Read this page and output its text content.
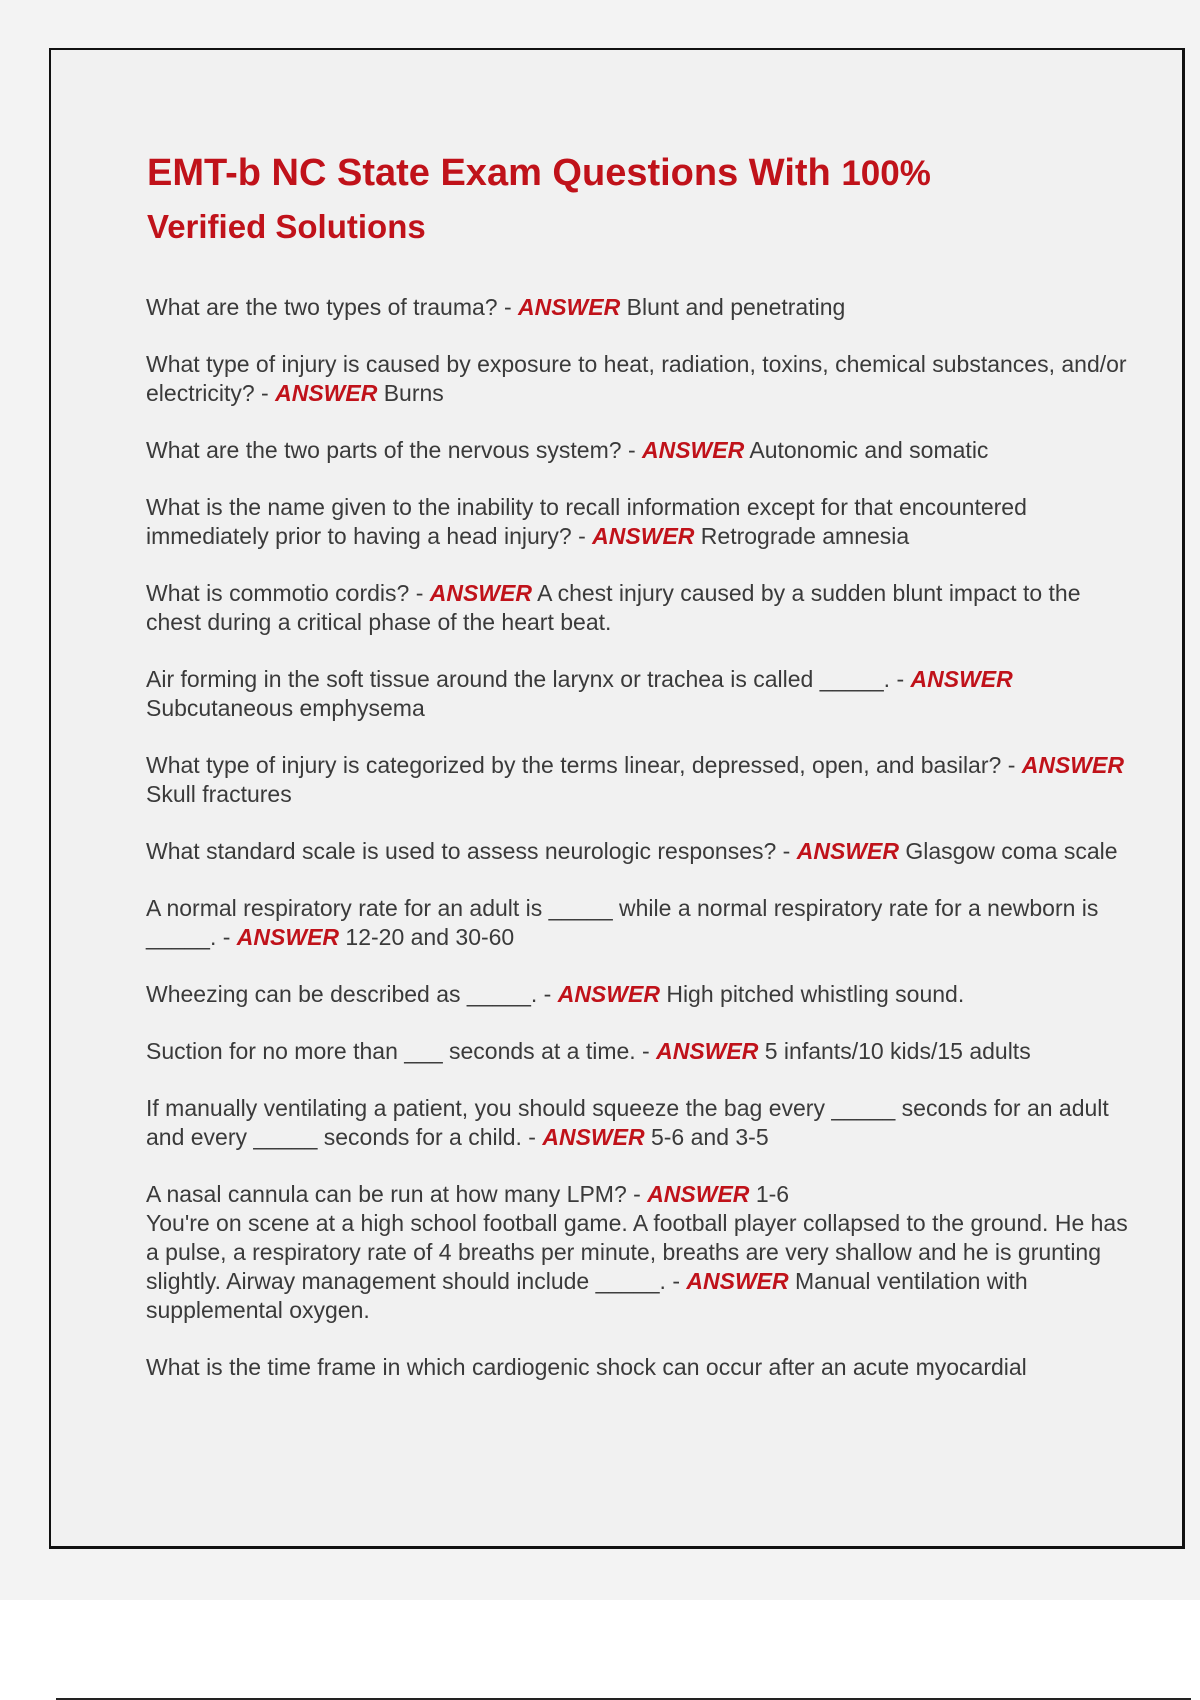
EMT-b NC State Exam Questions With 100%
Verified Solutions

What are the two types of trauma? - ANSWER Blunt and penetrating

What type of injury is caused by exposure to heat, radiation, toxins, chemical substances, and/or electricity? - ANSWER Burns

What are the two parts of the nervous system? - ANSWER Autonomic and somatic

What is the name given to the inability to recall information except for that encountered immediately prior to having a head injury? - ANSWER Retrograde amnesia

What is commotio cordis? - ANSWER A chest injury caused by a sudden blunt impact to the chest during a critical phase of the heart beat.

Air forming in the soft tissue around the larynx or trachea is called _____. - ANSWER Subcutaneous emphysema

What type of injury is categorized by the terms linear, depressed, open, and basilar? - ANSWER Skull fractures

What standard scale is used to assess neurologic responses? - ANSWER Glasgow coma scale

A normal respiratory rate for an adult is _____ while a normal respiratory rate for a newborn is _____. - ANSWER 12-20 and 30-60

Wheezing can be described as _____. - ANSWER High pitched whistling sound.

Suction for no more than ___ seconds at a time. - ANSWER 5 infants/10 kids/15 adults

If manually ventilating a patient, you should squeeze the bag every _____ seconds for an adult and every _____ seconds for a child. - ANSWER 5-6 and 3-5

A nasal cannula can be run at how many LPM? - ANSWER 1-6

You're on scene at a high school football game. A football player collapsed to the ground. He has a pulse, a respiratory rate of 4 breaths per minute, breaths are very shallow and he is grunting slightly. Airway management should include _____. - ANSWER Manual ventilation with supplemental oxygen.

What is the time frame in which cardiogenic shock can occur after an acute myocardial
